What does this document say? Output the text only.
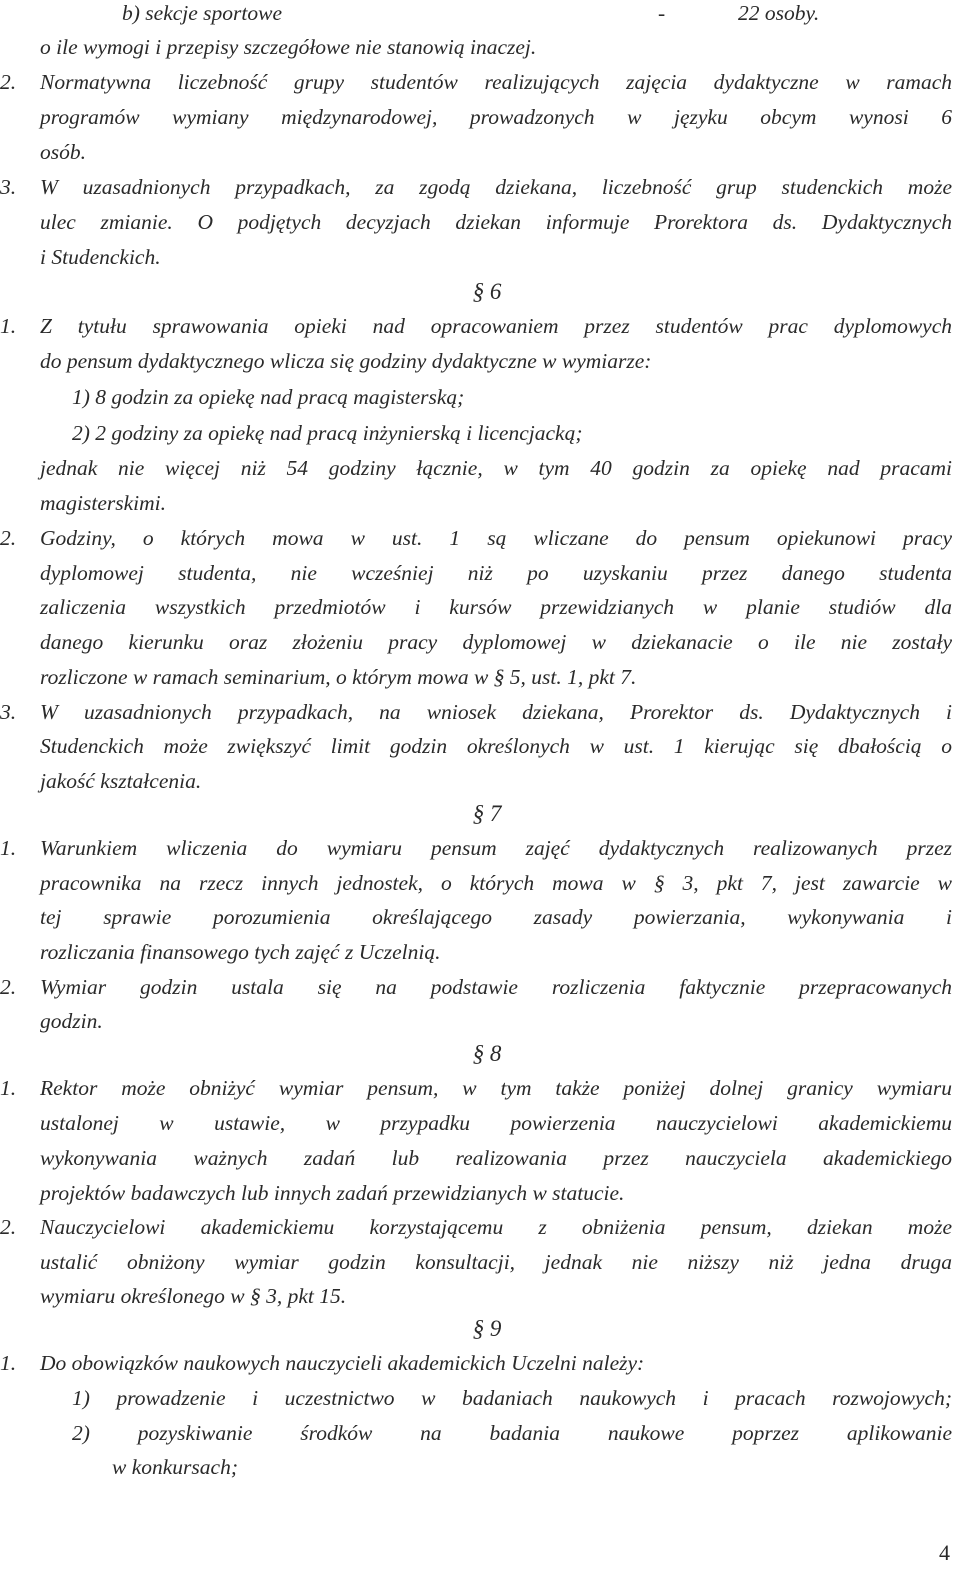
b) sekcje sportowe	-	22 osoby.
o ile wymogi i przepisy szczegółowe nie stanowią inaczej.
2.	Normatywna liczebność grupy studentów realizujących zajęcia dydaktyczne w ramach
programów wymiany międzynarodowej, prowadzonych w języku obcym wynosi 6
osób.
3.	W uzasadnionych przypadkach, za zgodą dziekana, liczebność grup studenckich może
ulec zmianie. O podjętych decyzjach dziekan informuje Prorektora ds. Dydaktycznych
i Studenckich.
§ 6
1.	Z tytułu sprawowania opieki nad opracowaniem przez studentów prac dyplomowych
do pensum dydaktycznego wlicza się godziny dydaktyczne w wymiarze:
1) 8 godzin za opiekę nad pracą magisterską;
2) 2 godziny za opiekę nad pracą inżynierską i licencjacką;
jednak nie więcej niż 54 godziny łącznie, w tym 40 godzin za opiekę nad pracami
magisterskimi.
2.	Godziny, o których mowa w ust. 1 są wliczane do pensum opiekunowi pracy
dyplomowej studenta, nie wcześniej niż po uzyskaniu przez danego studenta
zaliczenia wszystkich przedmiotów i kursów przewidzianych w planie studiów dla
danego kierunku oraz złożeniu pracy dyplomowej w dziekanacie o ile nie zostały
rozliczone w ramach seminarium, o którym mowa w § 5, ust. 1, pkt 7.
3.	W uzasadnionych przypadkach, na wniosek dziekana, Prorektor ds. Dydaktycznych i
Studenckich może zwiększyć limit godzin określonych w ust. 1 kierując się dbałością o
jakość kształcenia.
§ 7
1.	Warunkiem wliczenia do wymiaru pensum zajęć dydaktycznych realizowanych przez
pracownika na rzecz innych jednostek, o których mowa w § 3, pkt 7, jest zawarcie w
tej sprawie porozumienia określającego zasady powierzania, wykonywania i
rozliczania finansowego tych zajęć z Uczelnią.
2.	Wymiar godzin ustala się na podstawie rozliczenia faktycznie przepracowanych
godzin.
§ 8
1.	Rektor może obniżyć wymiar pensum, w tym także poniżej dolnej granicy wymiaru
ustalonej w ustawie, w przypadku powierzenia nauczycielowi akademickiemu
wykonywania ważnych zadań lub realizowania przez nauczyciela akademickiego
projektów badawczych lub innych zadań przewidzianych w statucie.
2.	Nauczycielowi akademickiemu korzystającemu z obniżenia pensum, dziekan może
ustalić obniżony wymiar godzin konsultacji, jednak nie niższy niż jedna druga
wymiaru określonego w § 3, pkt 15.
§ 9
1.	Do obowiązków naukowych nauczycieli akademickich Uczelni należy:
1) prowadzenie i uczestnictwo w badaniach naukowych i pracach rozwojowych;
2) pozyskiwanie środków na badania naukowe poprzez aplikowanie
w konkursach;
4
